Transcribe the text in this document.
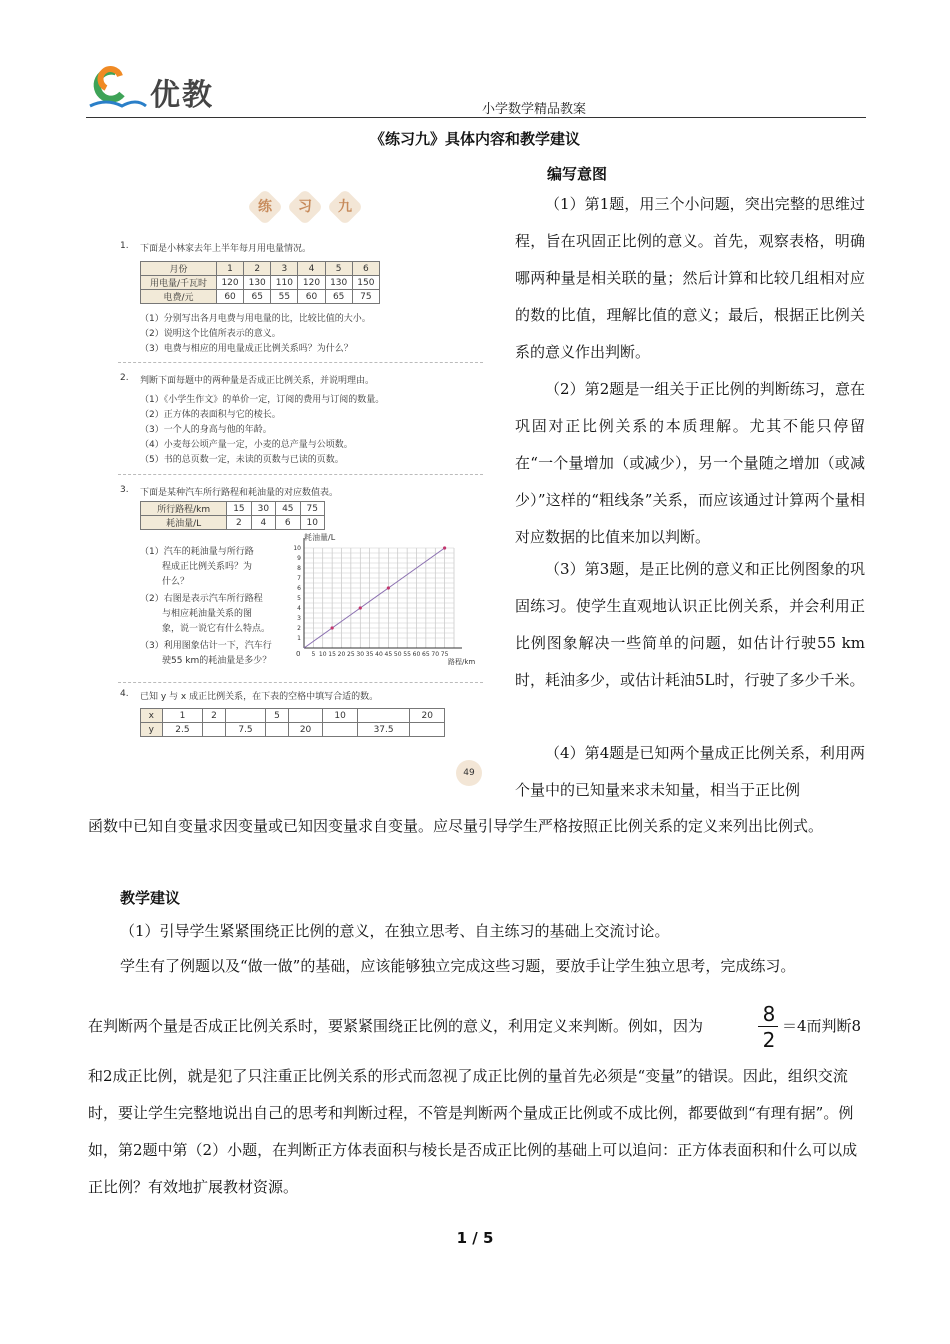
优教	小学数学精品教案
《练习九》具体内容和教学建议
编写意图
练	习	九
1. 下面是小林家去年上半年每月用电量情况。
月份	1	2	3	4	5	6
用电量/千瓦时	120	130	110	120	130	150
电费/元	60	65	55	60	65	75
（1）分别写出各月电费与用电量的比，比较比值的大小。
（2）说明这个比值所表示的意义。
（3）电费与相应的用电量成正比例关系吗？为什么？
2. 判断下面每题中的两种量是否成正比例关系，并说明理由。
（1）《小学生作文》的单价一定，订阅的费用与订阅的数量。
（2）正方体的表面积与它的棱长。
（3）一个人的身高与他的年龄。
（4）小麦每公顷产量一定，小麦的总产量与公顷数。
（5）书的总页数一定，未读的页数与已读的页数。
3. 下面是某种汽车所行路程和耗油量的对应数值表。
所行路程/km	15	30	45	75
耗油量/L	2	4	6	10
（1）汽车的耗油量与所行路
程成正比例关系吗？为
什么？
（2）右图是表示汽车所行路程
与相应耗油量关系的图
象，说一说它有什么特点。
（3）利用图象估计一下，汽车行
驶55 km的耗油量是多少？
5 10 15 20 25 30 35 40 45 50 55 60 65 70 75
1
2
3
4
5
6
7
8
9
10
耗油量/L
路程/km
0
4. 已知 y 与 x 成正比例关系，在下表的空格中填写合适的数。
x	1	2		5		10		20
y	2.5		7.5		20		37.5	
49
（1）第1题，用三个小问题，突出完整的思维过程，旨在巩固正比例的意义。首先，观察表格，明确哪两种量是相关联的量；然后计算和比较几组相对应的数的比值，理解比值的意义；最后，根据正比例关系的意义作出判断。
（2）第2题是一组关于正比例的判断练习，意在巩固对正比例关系的本质理解。尤其不能只停留在“一个量增加（或减少），另一个量随之增加（或减少）”这样的“粗线条”关系，而应该通过计算两个量相对应数据的比值来加以判断。
（3）第3题，是正比例的意义和正比例图象的巩固练习。使学生直观地认识正比例关系，并会利用正比例图象解决一些简单的问题，如估计行驶55 km时，耗油多少，或估计耗油5L时，行驶了多少千米。
（4）第4题是已知两个量成正比例关系，利用两个量中的已知量来求未知量，相当于正比例
函数中已知自变量求因变量或已知因变量求自变量。应尽量引导学生严格按照正比例关系的定义来列出比例式。
教学建议
（1）引导学生紧紧围绕正比例的意义，在独立思考、自主练习的基础上交流讨论。
学生有了例题以及“做一做”的基础，应该能够独立完成这些习题，要放手让学生独立思考，完成练习。
在判断两个量是否成正比例关系时，要紧紧围绕正比例的意义，利用定义来判断。例如，因为	8
2
＝4而判断8
和2成正比例，就是犯了只注重正比例关系的形式而忽视了成正比例的量首先必须是“变量”的错误。因此，组织交流时，要让学生完整地说出自己的思考和判断过程，不管是判断两个量成正比例或不成比例，都要做到“有理有据”。例如，第2题中第（2）小题，在判断正方体表面积与棱长是否成正比例的基础上可以追问：正方体表面积和什么可以成正比例？有效地扩展教材资源。
1 / 5
